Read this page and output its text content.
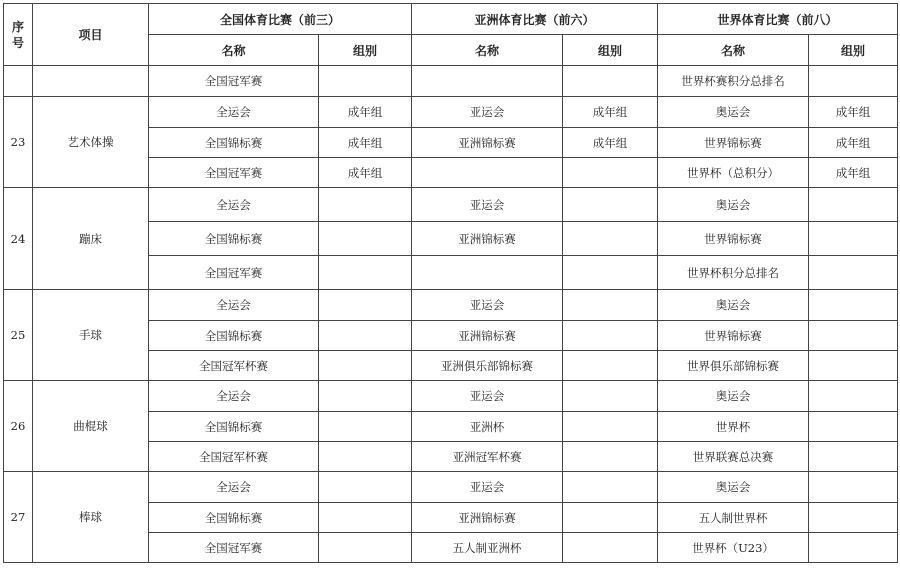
序号	项目	全国体育比赛（前三）		亚洲体育比赛（前六）		世界体育比赛（前八）	
		名称	组别	名称	组别	名称	组别
		全国冠军赛				世界杯赛积分总排名	
23	艺术体操	全运会	成年组	亚运会	成年组	奥运会	成年组
		全国锦标赛	成年组	亚洲锦标赛	成年组	世界锦标赛	成年组
		全国冠军赛	成年组			世界杯（总积分）	成年组
24	蹦床	全运会		亚运会		奥运会	
		全国锦标赛		亚洲锦标赛		世界锦标赛	
		全国冠军赛				世界杯积分总排名	
25	手球	全运会		亚运会		奥运会	
		全国锦标赛		亚洲锦标赛		世界锦标赛	
		全国冠军杯赛		亚洲俱乐部锦标赛		世界俱乐部锦标赛	
26	曲棍球	全运会		亚运会		奥运会	
		全国锦标赛		亚洲杯		世界杯	
		全国冠军杯赛		亚洲冠军杯赛		世界联赛总决赛	
27	棒球	全运会		亚运会		奥运会	
		全国锦标赛		亚洲锦标赛		五人制世界杯	
		全国冠军赛		五人制亚洲杯		世界杯（U23）	
